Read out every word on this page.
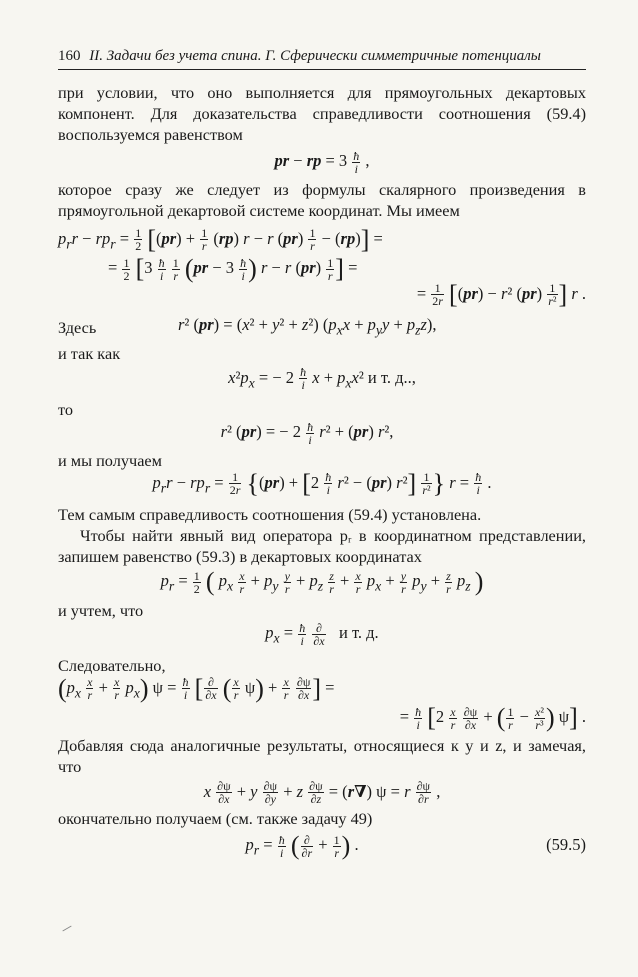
160 II. Задачи без учета спина. Г. Сферически симметричные потенциалы

при условии, что оно выполняется для прямоугольных декартовых компонент. Для доказательства справедливости соотношения (59.4) воспользуемся равенством

pr − rp = $3 \frac{ħ}{i}$ ,

которое сразу же следует из формулы скалярного произведения в прямоугольной декартовой системе координат. Мы имеем

$p_rr - rp_r = \frac{1}{2} [(pr) + \frac{1}{r} (rp) r - r$ $(pr) \frac{1}{r} - (rp)$] =
= $\frac{1}{2} [3 \frac{ħ}{i}$
$\frac{1}{r} (pr - 3 \frac{ħ}{i}$ ) r − r $(pr) \frac{1}{r}$ ] =
= $\frac{1}{2r} [(pr) - r^2$ $(pr) \frac{1}{\text{r²}}$ ] r .
Здесь	r² (pr) = (x² + y² + z²) $(p_xx + p_yy + p_zz)$,
и так как
$x^2p_x$ = − $2 \frac{ħ}{i}$ $x + p_xx^2$ и т. д..,
то
r² (pr) = − $2 \frac{ħ}{i} r^2 + (pr)$ r²,
и мы получаем
$p_rr - rp_r = \frac{1}{2r} \{(pr) + [2 \frac{ħ}{i} r^2 - (pr)$ $r^2] \frac{1}{\text{r²}}$ } $r = \frac{ħ}{i}$ .

Тем самым справедливость соотношения (59.4) установлена.

Чтобы найти явный вид оператора pᵣ в координатном представлении, запишем равенство (59.3) в декартовых координатах

$p_r = \frac{1}{2}$ ( $p_x \frac{x}{r} + p_y \frac{y}{r} + p_z \frac{z}{r} + \frac{x}{r} p_x + \frac{y}{r} p_y + \frac{z}{r} p_z$ )
и учтем, что
$p_x = \frac{ħ}{i}$
∂
∂x и т. д.

Следовательно,

$(p_x \frac{x}{r} + \frac{x}{r} p_x) \psi = \frac{ħ}{i}$ [ ∂
∂x ( $\frac{x}{r} \psi) + \frac{x}{r}$
$\frac{\partial\psi}{\partial x}$ ] =
= $\frac{ħ}{i} [2 \frac{x}{r}$
$\frac{\partial\psi}{\partial x}$ + ( $\frac{1}{r} - \frac{\text{x²}}{\text{r³}}$ ) ψ] .

Добавляя сюда аналогичные результаты, относящиеся к y и z, и замечая, что

x $\frac{\partial\psi}{\partial x} + y \frac{\partial\psi}{\partial y} + z \frac{\partial\psi}{\partial z} = (r\nabla) \psi = r \frac{\partial\psi}{\partial r}$ ,

окончательно получаем (см. также задачу 49)

(59.5)
$p_r = \frac{ħ}{i}$ ( ∂
$\partial r + \frac{1}{r}$ ) .
